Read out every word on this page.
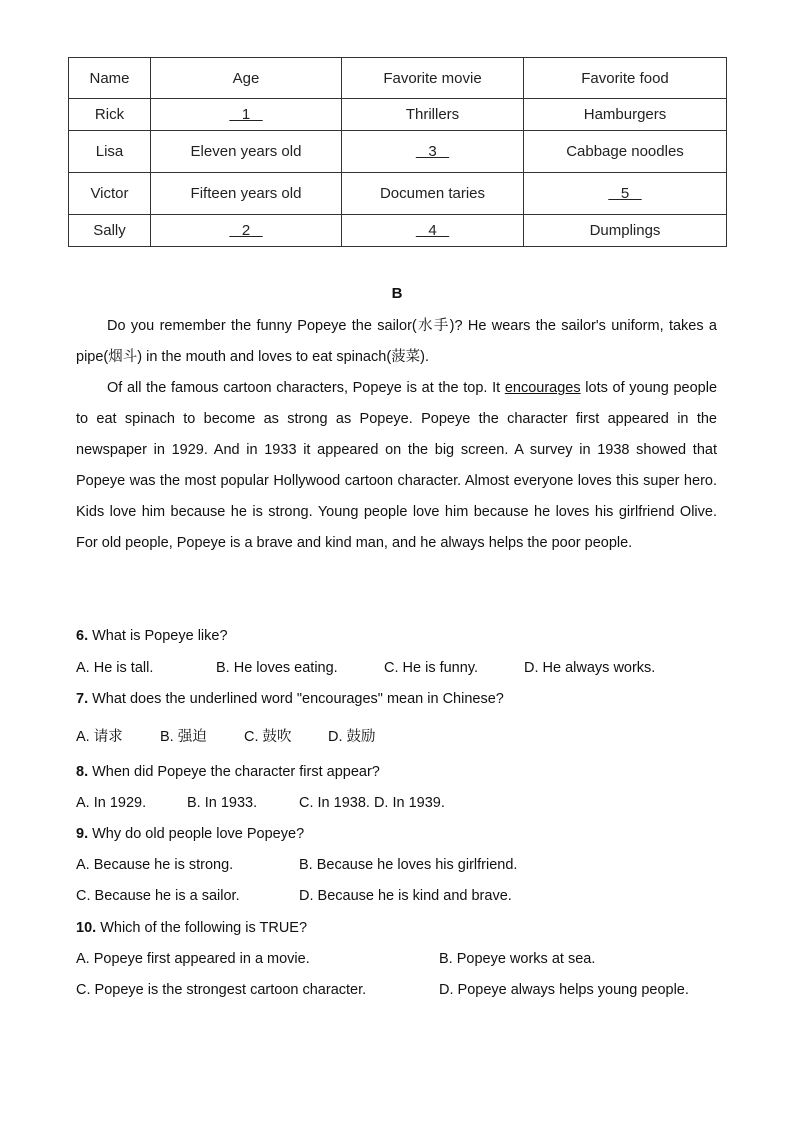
Name	Age	Favorite movie	Favorite food
Rick	1	Thrillers	Hamburgers
Lisa	Eleven years old	3	Cabbage noodles
Victor	Fifteen years old	Documen taries	5
Sally	2	4	Dumplings
B

Do you remember the funny Popeye the sailor(水手)? He wears the sailor's uniform, takes a pipe(烟斗) in the mouth and loves to eat spinach(菠菜).

Of all the famous cartoon characters, Popeye is at the top. It encourages lots of young people to eat spinach to become as strong as Popeye. Popeye the character first appeared in the newspaper in 1929. And in 1933 it appeared on the big screen. A survey in 1938 showed that Popeye was the most popular Hollywood cartoon character. Almost everyone loves this super hero. Kids love him because he is strong. Young people love him because he loves his girlfriend Olive. For old people, Popeye is a brave and kind man, and he always helps the poor people.

6. What is Popeye like?
A. He is tall.	B. He loves eating.	C. He is funny.	D. He always works.
7. What does the underlined word "encourages" mean in Chinese?
A. 请求	B. 强迫	C. 鼓吹	D. 鼓励
8. When did Popeye the character first appear?
A. In 1929.	B. In 1933.	C. In 1938. D. In 1939.
9. Why do old people love Popeye?
A. Because he is strong.	B. Because he loves his girlfriend.
C. Because he is a sailor.	D. Because he is kind and brave.
10. Which of the following is TRUE?
A. Popeye first appeared in a movie.	B. Popeye works at sea.
C. Popeye is the strongest cartoon character.	D. Popeye always helps young people.
